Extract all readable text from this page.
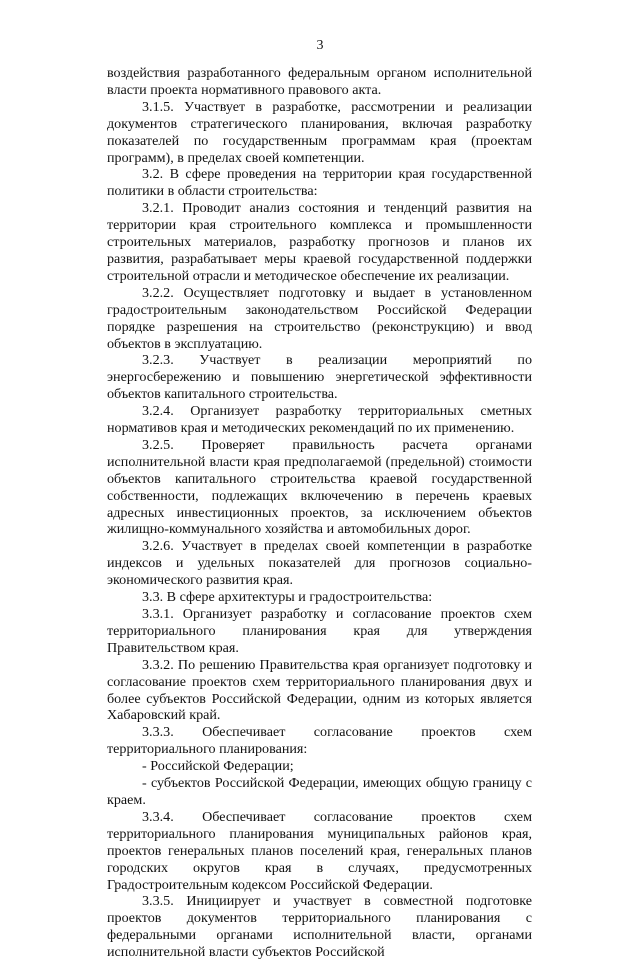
3

воздействия разработанного федеральным органом исполнительной власти проекта нормативного правового акта.

3.1.5. Участвует в разработке, рассмотрении и реализации документов стратегического планирования, включая разработку показателей по государственным программам края (проектам программ), в пределах своей компетенции.

3.2. В сфере проведения на территории края государственной политики в области строительства:

3.2.1. Проводит анализ состояния и тенденций развития на территории края строительного комплекса и промышленности строительных материалов, разработку прогнозов и планов их развития, разрабатывает меры краевой государственной поддержки строительной отрасли и методическое обеспечение их реализации.

3.2.2. Осуществляет подготовку и выдает в установленном градостроительным законодательством Российской Федерации порядке разрешения на строительство (реконструкцию) и ввод объектов в эксплуатацию.

3.2.3. Участвует в реализации мероприятий по энергосбережению и повышению энергетической эффективности объектов капитального строительства.

3.2.4. Организует разработку территориальных сметных нормативов края и методических рекомендаций по их применению.

3.2.5. Проверяет правильность расчета органами исполнительной власти края предполагаемой (предельной) стоимости объектов капитального строительства краевой государственной собственности, подлежащих включечению в перечень краевых адресных инвестиционных проектов, за исключением объектов жилищно-коммунального хозяйства и автомобильных дорог.

3.2.6. Участвует в пределах своей компетенции в разработке индексов и удельных показателей для прогнозов социально-экономического развития края.

3.3. В сфере архитектуры и градостроительства:

3.3.1. Организует разработку и согласование проектов схем территориального планирования края для утверждения Правительством края.

3.3.2. По решению Правительства края организует подготовку и согласование проектов схем территориального планирования двух и более субъектов Российской Федерации, одним из которых является Хабаровский край.

3.3.3. Обеспечивает согласование проектов схем территориального планирования:

- Российской Федерации;

- субъектов Российской Федерации, имеющих общую границу с краем.

3.3.4. Обеспечивает согласование проектов схем территориального планирования муниципальных районов края, проектов генеральных планов поселений края, генеральных планов городских округов края в случаях, предусмотренных Градостроительным кодексом Российской Федерации.

3.3.5. Инициирует и участвует в совместной подготовке проектов документов территориального планирования с федеральными органами исполнительной власти, органами исполнительной власти субъектов Российской
